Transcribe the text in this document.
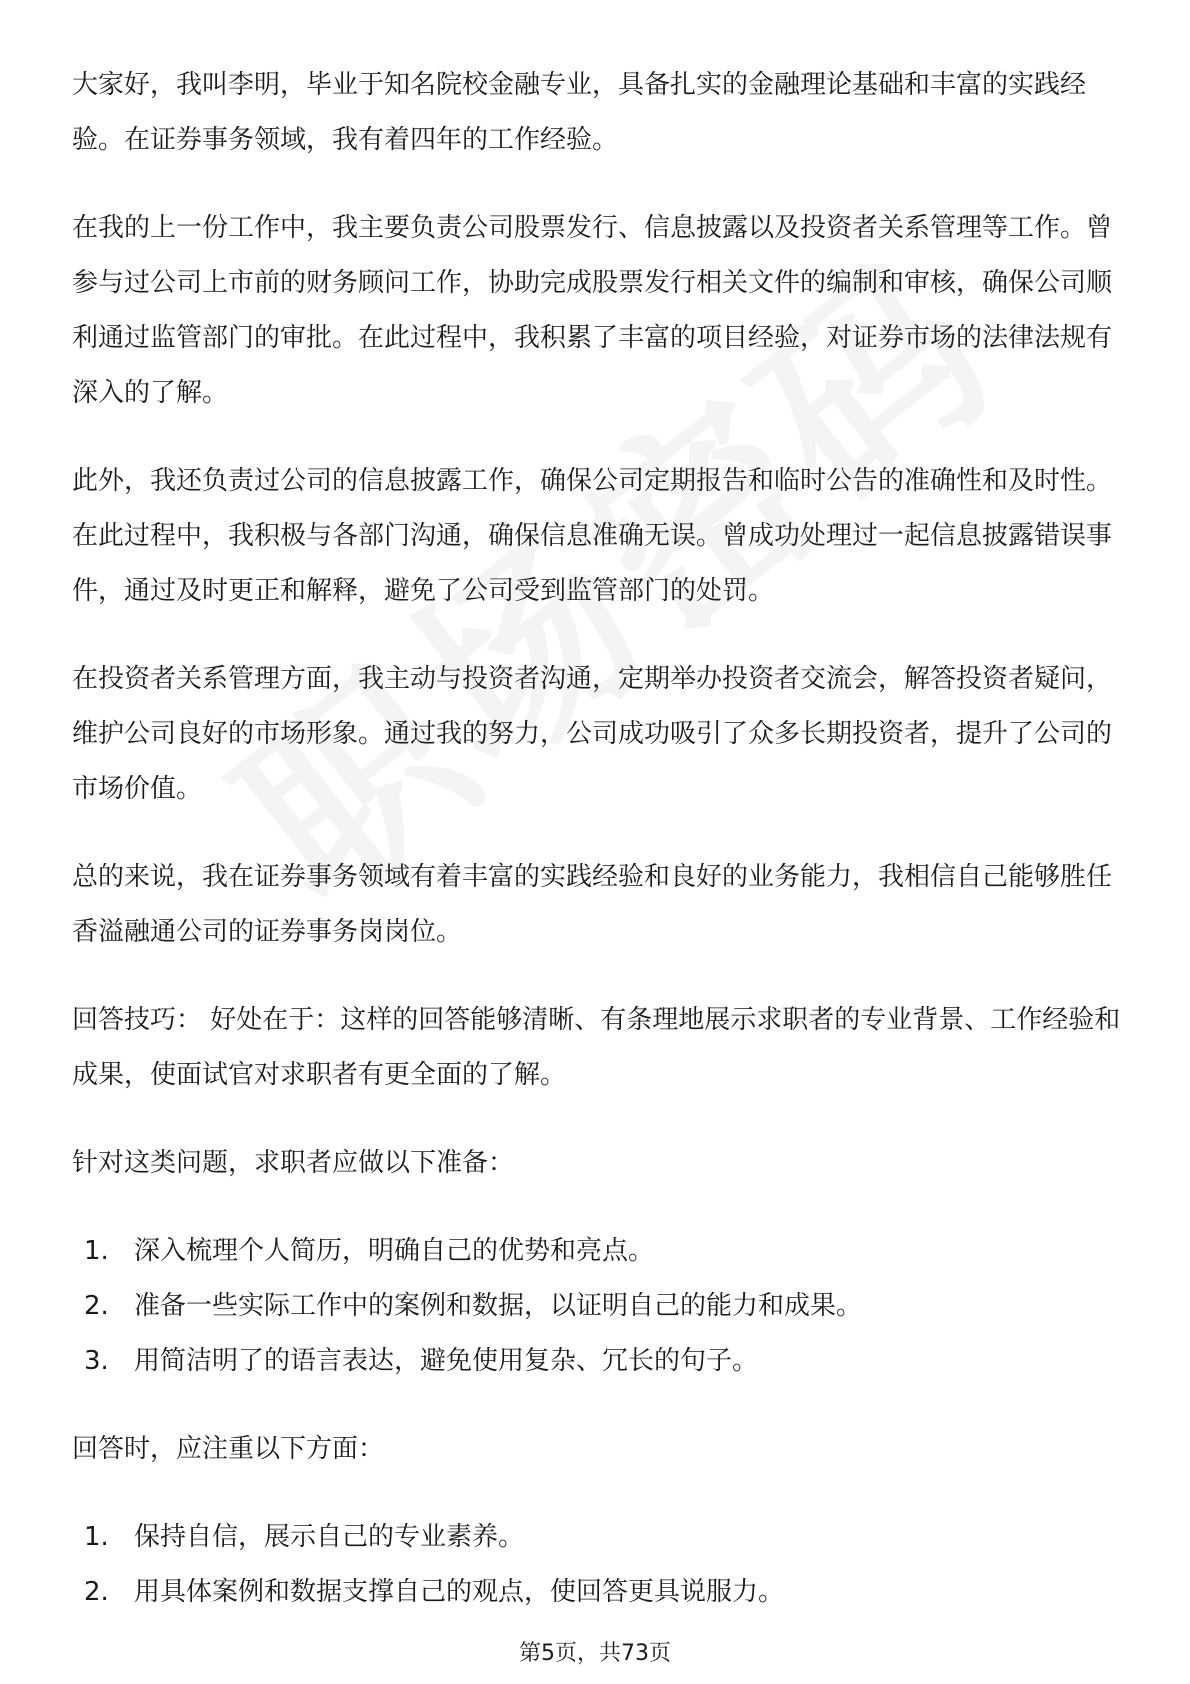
大家好，我叫李明，毕业于知名院校金融专业，具备扎实的金融理论基础和丰富的实践经验。在证券事务领域，我有着四年的工作经验。

在我的上一份工作中，我主要负责公司股票发行、信息披露以及投资者关系管理等工作。曾参与过公司上市前的财务顾问工作，协助完成股票发行相关文件的编制和审核，确保公司顺利通过监管部门的审批。在此过程中，我积累了丰富的项目经验，对证券市场的法律法规有深入的了解。

此外，我还负责过公司的信息披露工作，确保公司定期报告和临时公告的准确性和及时性。在此过程中，我积极与各部门沟通，确保信息准确无误。曾成功处理过一起信息披露错误事件，通过及时更正和解释，避免了公司受到监管部门的处罚。

在投资者关系管理方面，我主动与投资者沟通，定期举办投资者交流会，解答投资者疑问，维护公司良好的市场形象。通过我的努力，公司成功吸引了众多长期投资者，提升了公司的市场价值。

总的来说，我在证券事务领域有着丰富的实践经验和良好的业务能力，我相信自己能够胜任香溢融通公司的证券事务岗岗位。

回答技巧： 好处在于：这样的回答能够清晰、有条理地展示求职者的专业背景、工作经验和成果，使面试官对求职者有更全面的了解。

针对这类问题，求职者应做以下准备：

1. 深入梳理个人简历，明确自己的优势和亮点。
2. 准备一些实际工作中的案例和数据，以证明自己的能力和成果。
3. 用简洁明了的语言表达，避免使用复杂、冗长的句子。

回答时，应注重以下方面：

1. 保持自信，展示自己的专业素养。
2. 用具体案例和数据支撑自己的观点，使回答更具说服力。
第5页，共73页
